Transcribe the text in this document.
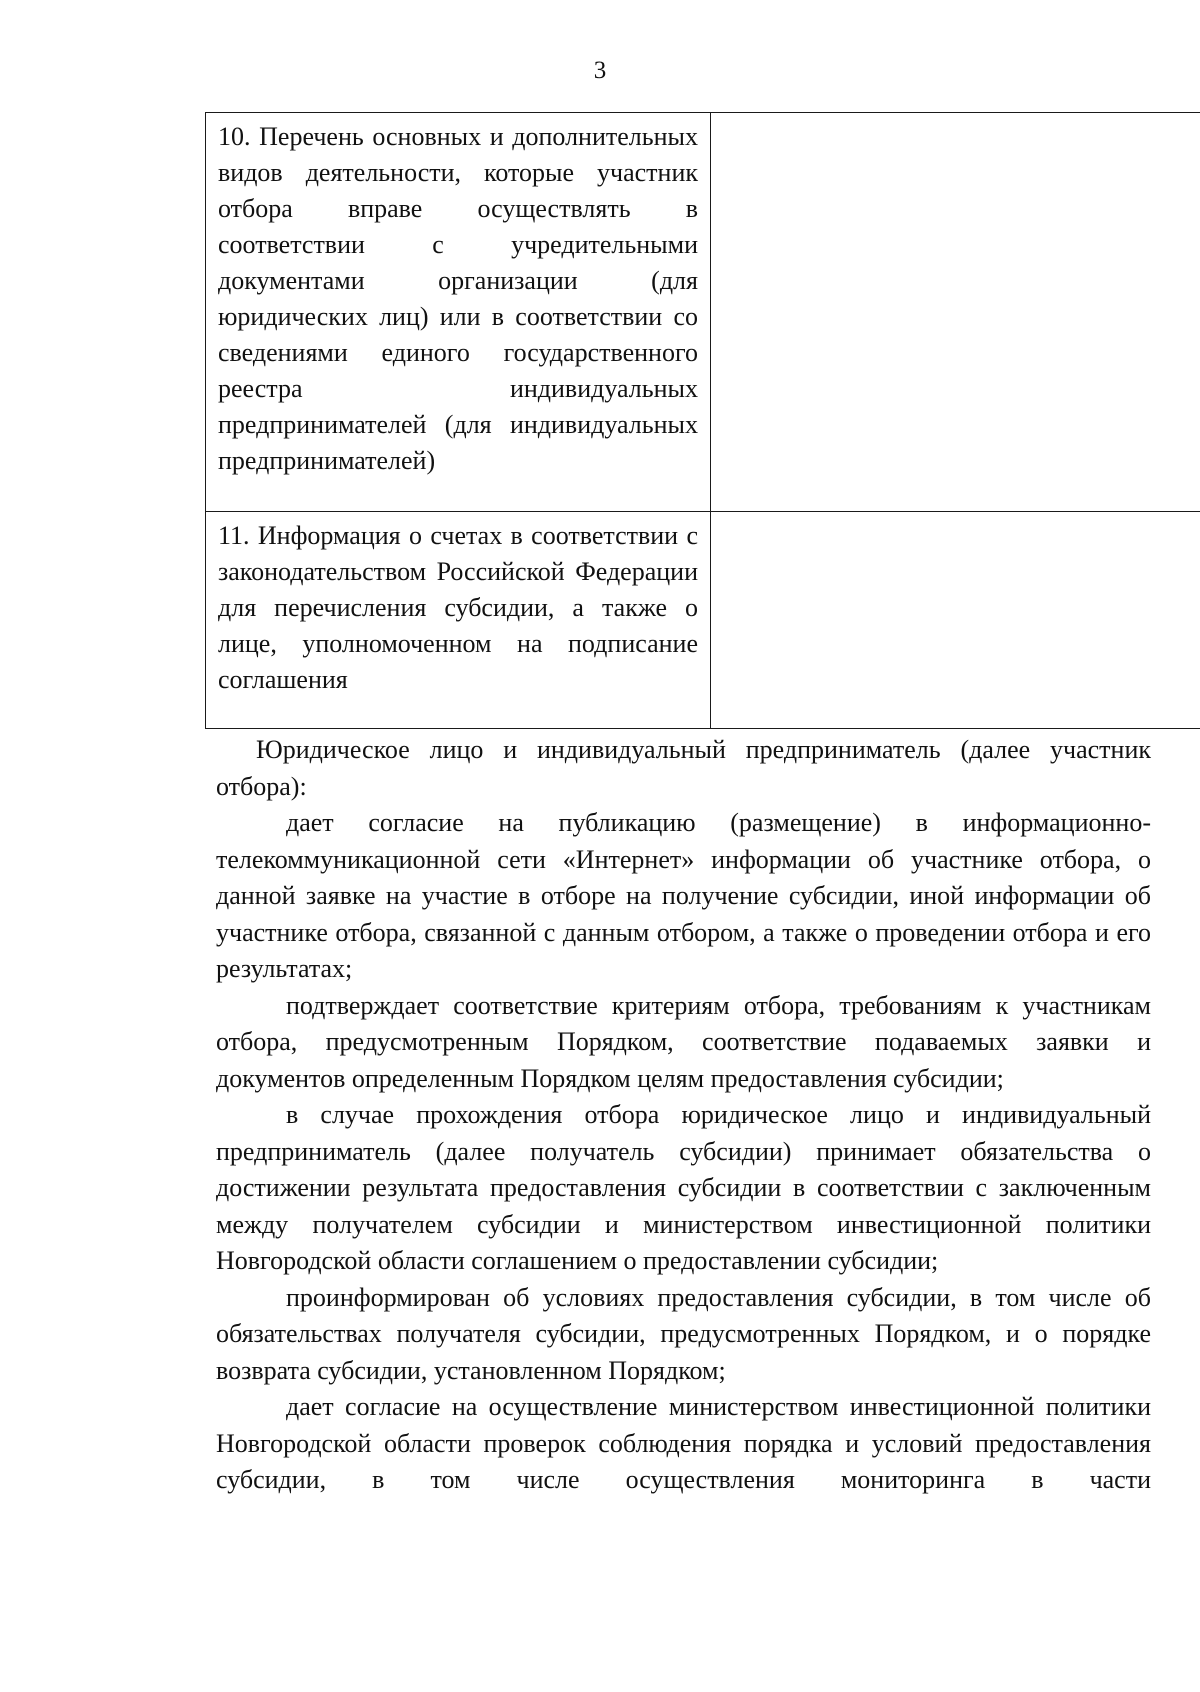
3
10. Перечень основных и дополнительных видов деятельности, которые участник отбора вправе осуществлять в соответствии с учредительными документами организации (для юридических лиц) или в соответствии со сведениями единого государственного реестра индивидуальных предпринимателей (для индивидуальных предпринимателей)	
11. Информация о счетах в соответствии с законодательством Российской Федерации для перечисления субсидии, а также о лице, уполномоченном на подписание соглашения	

Юридическое лицо и индивидуальный предприниматель (далее участник отбора):

дает согласие на публикацию (размещение) в информационно-телекоммуникационной сети «Интернет» информации об участнике отбора, о данной заявке на участие в отборе на получение субсидии, иной информации об участнике отбора, связанной с данным отбором, а также о проведении отбора и его результатах;

подтверждает соответствие критериям отбора, требованиям к участникам отбора, предусмотренным Порядком, соответствие подаваемых заявки и документов определенным Порядком целям предоставления субсидии;

в случае прохождения отбора юридическое лицо и индивидуальный предприниматель (далее получатель субсидии) принимает обязательства о достижении результата предоставления субсидии в соответствии с заключенным между получателем субсидии и министерством инвестиционной политики Новгородской области соглашением о предоставлении субсидии;

проинформирован об условиях предоставления субсидии, в том числе об обязательствах получателя субсидии, предусмотренных Порядком, и о порядке возврата субсидии, установленном Порядком;

дает согласие на осуществление министерством инвестиционной политики Новгородской области проверок соблюдения порядка и условий предоставления субсидии, в том числе осуществления мониторинга в части
